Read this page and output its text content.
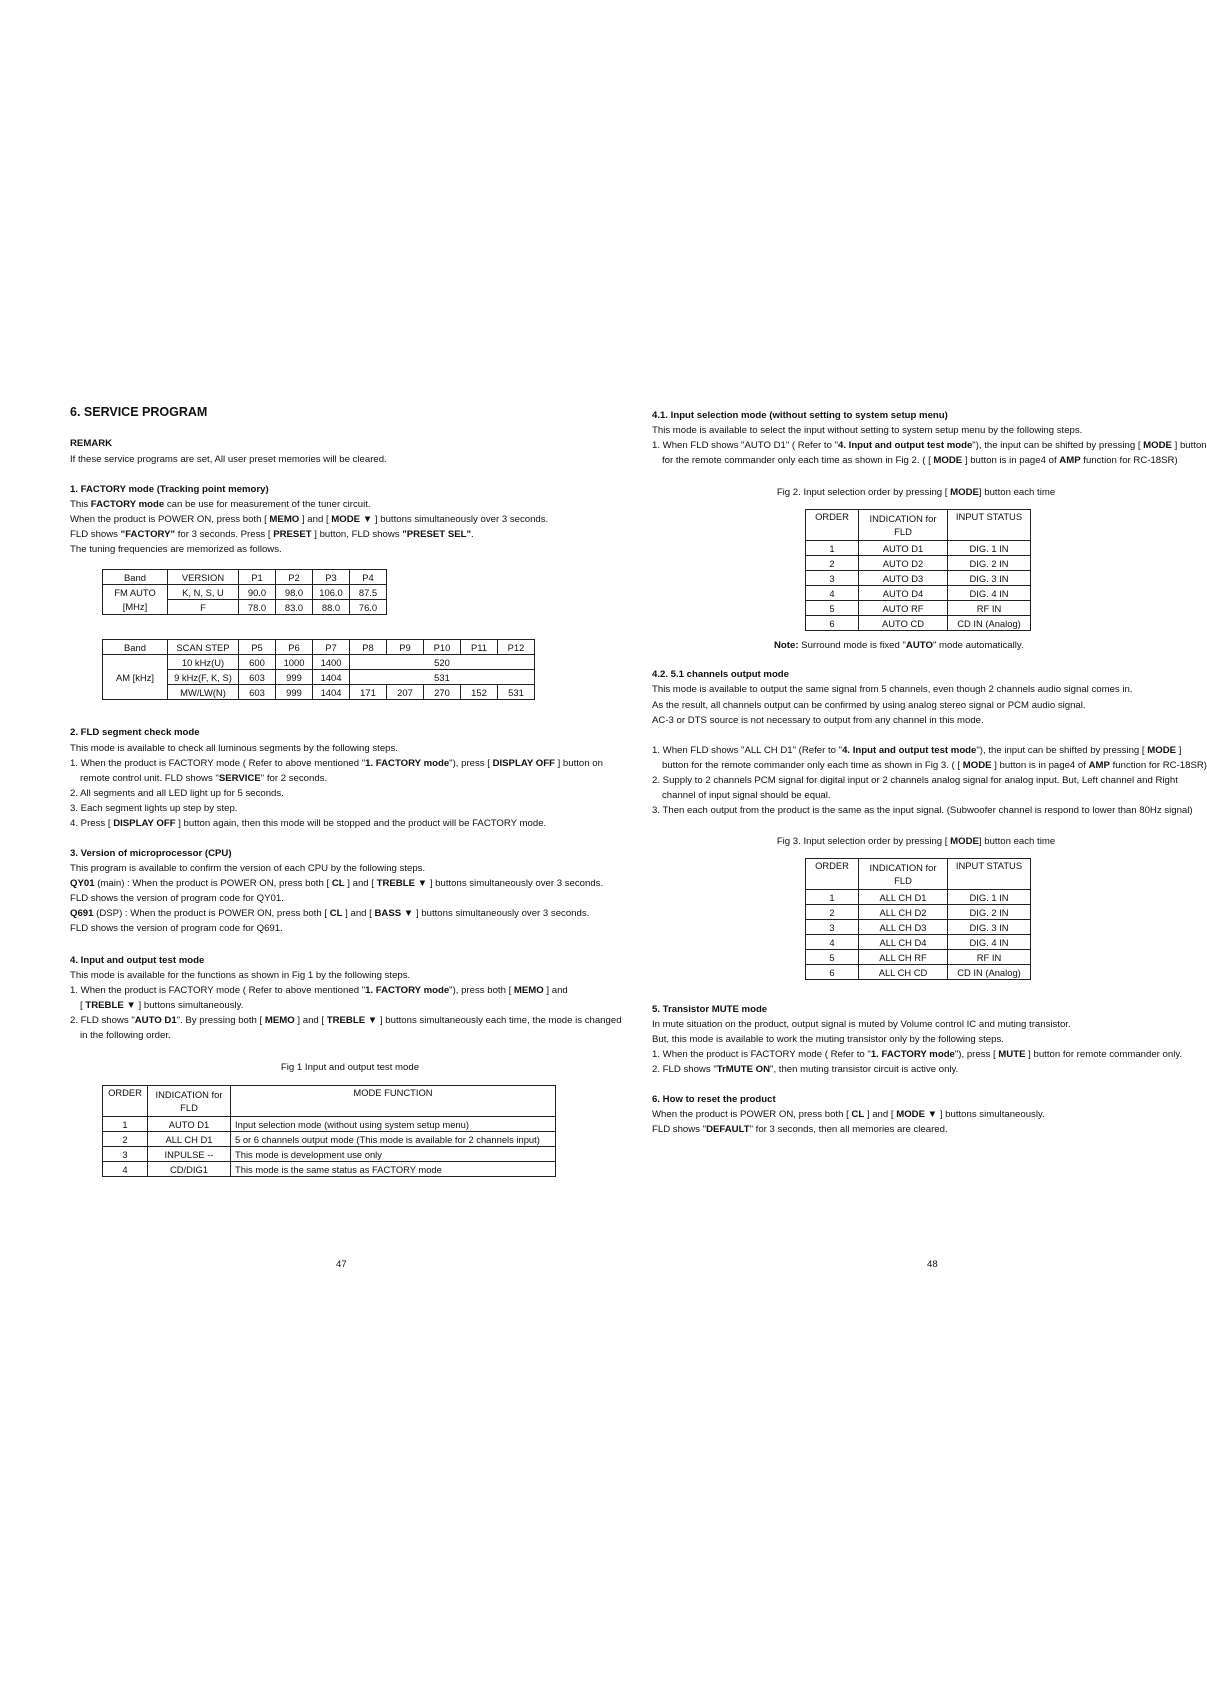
6. SERVICE PROGRAM
REMARK
If these service programs are set, All user preset memories will be cleared.
1. FACTORY mode (Tracking point memory)
This FACTORY mode can be use for measurement of the tuner circuit.
When the product is POWER ON, press both [ MEMO ] and [ MODE ▼ ] buttons simultaneously over 3 seconds.
FLD shows "FACTORY" for 3 seconds. Press [ PRESET ] button, FLD shows "PRESET SEL".
The tuning frequencies are memorized as follows.
Band	VERSION	P1	P2	P3	P4
FM AUTO	K, N, S, U	90.0	98.0	106.0	87.5
[MHz]	F	78.0	83.0	88.0	76.0
Band	SCAN STEP	P5	P6	P7	P8	P9	P10	P11	P12
AM [kHz]	10 kHz(U)	600	1000	1400	520				
	9 kHz(F, K, S)	603	999	1404	531				
	MW/LW(N)	603	999	1404	171	207	270	152	531
2. FLD segment check mode
This mode is available to check all luminous segments by the following steps.
1. When the product is FACTORY mode ( Refer to above mentioned "1. FACTORY mode"), press [ DISPLAY OFF ] button on
remote control unit. FLD shows "SERVICE" for 2 seconds.
2. All segments and all LED light up for 5 seconds.
3. Each segment lights up step by step.
4. Press [ DISPLAY OFF ] button again, then this mode will be stopped and the product will be FACTORY mode.
3. Version of microprocessor (CPU)
This program is available to confirm the version of each CPU by the following steps.
QY01 (main) : When the product is POWER ON, press both [ CL ] and [ TREBLE ▼ ] buttons simultaneously over 3 seconds.
FLD shows the version of program code for QY01.
Q691 (DSP) : When the product is POWER ON, press both [ CL ] and [ BASS ▼ ] buttons simultaneously over 3 seconds.
FLD shows the version of program code for Q691.
4. Input and output test mode
This mode is available for the functions as shown in Fig 1 by the following steps.
1. When the product is FACTORY mode ( Refer to above mentioned "1. FACTORY mode"), press both [ MEMO ] and
[ TREBLE ▼ ] buttons simultaneously.
2. FLD shows "AUTO D1". By pressing both [ MEMO ] and [ TREBLE ▼ ] buttons simultaneously each time, the mode is changed
in the following order.
Fig 1 Input and output test mode
ORDER	INDICATION for
FLD	MODE FUNCTION
1	AUTO D1	Input selection mode (without using system setup menu)
2	ALL CH D1	5 or 6 channels output mode (This mode is available for 2 channels input)
3	INPULSE --	This mode is development use only
4	CD/DIG1	This mode is the same status as FACTORY mode
47
4.1. Input selection mode (without setting to system setup menu)
This mode is available to select the input without setting to system setup menu by the following steps.
1. When FLD shows "AUTO D1" ( Refer to "4. Input and output test mode"), the input can be shifted by pressing [ MODE ] button
for the remote commander only each time as shown in Fig 2. ( [ MODE ] button is in page4 of AMP function for RC-18SR)
Fig 2. Input selection order by pressing [ MODE] button each time
ORDER	INDICATION for
FLD	INPUT STATUS
1	AUTO D1	DIG. 1 IN
2	AUTO D2	DIG. 2 IN
3	AUTO D3	DIG. 3 IN
4	AUTO D4	DIG. 4 IN
5	AUTO RF	RF IN
6	AUTO CD	CD IN (Analog)
Note: Surround mode is fixed "AUTO" mode automatically.
4.2. 5.1 channels output mode
This mode is available to output the same signal from 5 channels, even though 2 channels audio signal comes in.
As the result, all channels output can be confirmed by using analog stereo signal or PCM audio signal.
AC-3 or DTS source is not necessary to output from any channel in this mode.
1. When FLD shows "ALL CH D1" (Refer to "4. Input and output test mode"), the input can be shifted by pressing [ MODE ]
button for the remote commander only each time as shown in Fig 3. ( [ MODE ] button is in page4 of AMP function for RC-18SR)
2. Supply to 2 channels PCM signal for digital input or 2 channels analog signal for analog input. But, Left channel and Right
channel of input signal should be equal.
3. Then each output from the product is the same as the input signal. (Subwoofer channel is respond to lower than 80Hz signal)
Fig 3. Input selection order by pressing [ MODE] button each time
ORDER	INDICATION for
FLD	INPUT STATUS
1	ALL CH D1	DIG. 1 IN
2	ALL CH D2	DIG. 2 IN
3	ALL CH D3	DIG. 3 IN
4	ALL CH D4	DIG. 4 IN
5	ALL CH RF	RF IN
6	ALL CH CD	CD IN (Analog)
5. Transistor MUTE mode
In mute situation on the product, output signal is muted by Volume control IC and muting transistor.
But, this mode is available to work the muting transistor only by the following steps.
1. When the product is FACTORY mode ( Refer to "1. FACTORY mode"), press [ MUTE ] button for remote commander only.
2. FLD shows "TrMUTE ON", then muting transistor circuit is active only.
6. How to reset the product
When the product is POWER ON, press both [ CL ] and [ MODE ▼ ] buttons simultaneously.
FLD shows "DEFAULT" for 3 seconds, then all memories are cleared.
48
